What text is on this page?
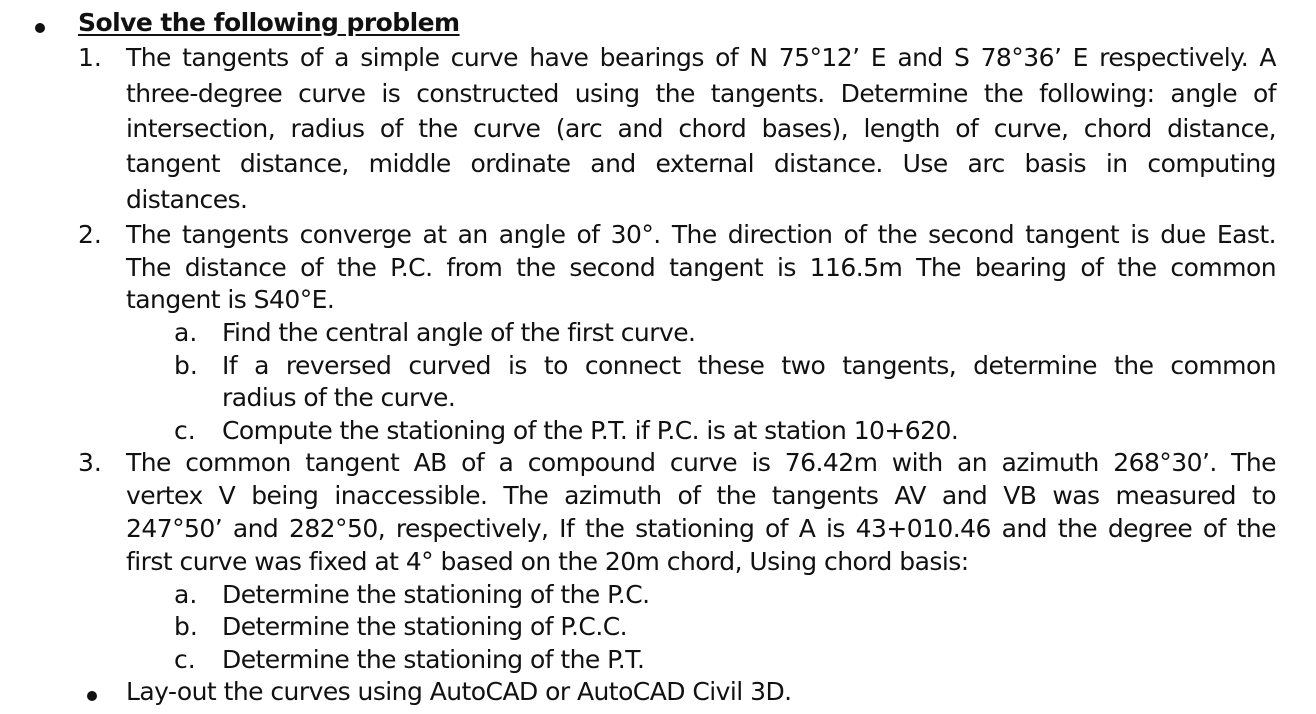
Solve the following problem
1. The tangents of a simple curve have bearings of N 75°12’ E and S 78°36’ E respectively. A
three-degree curve is constructed using the tangents. Determine the following: angle of
intersection, radius of the curve (arc and chord bases), length of curve, chord distance,
tangent distance, middle ordinate and external distance. Use arc basis in computing
distances.
2. The tangents converge at an angle of 30°. The direction of the second tangent is due East.
The distance of the P.C. from the second tangent is 116.5m The bearing of the common
tangent is S40°E.
a. Find the central angle of the first curve.
b. If a reversed curved is to connect these two tangents, determine the common
radius of the curve.
c. Compute the stationing of the P.T. if P.C. is at station 10+620.
3. The common tangent AB of a compound curve is 76.42m with an azimuth 268°30’. The
vertex V being inaccessible. The azimuth of the tangents AV and VB was measured to
247°50’ and 282°50, respectively, If the stationing of A is 43+010.46 and the degree of the
first curve was fixed at 4° based on the 20m chord, Using chord basis:
a. Determine the stationing of the P.C.
b. Determine the stationing of P.C.C.
c. Determine the stationing of the P.T.
Lay-out the curves using AutoCAD or AutoCAD Civil 3D.
